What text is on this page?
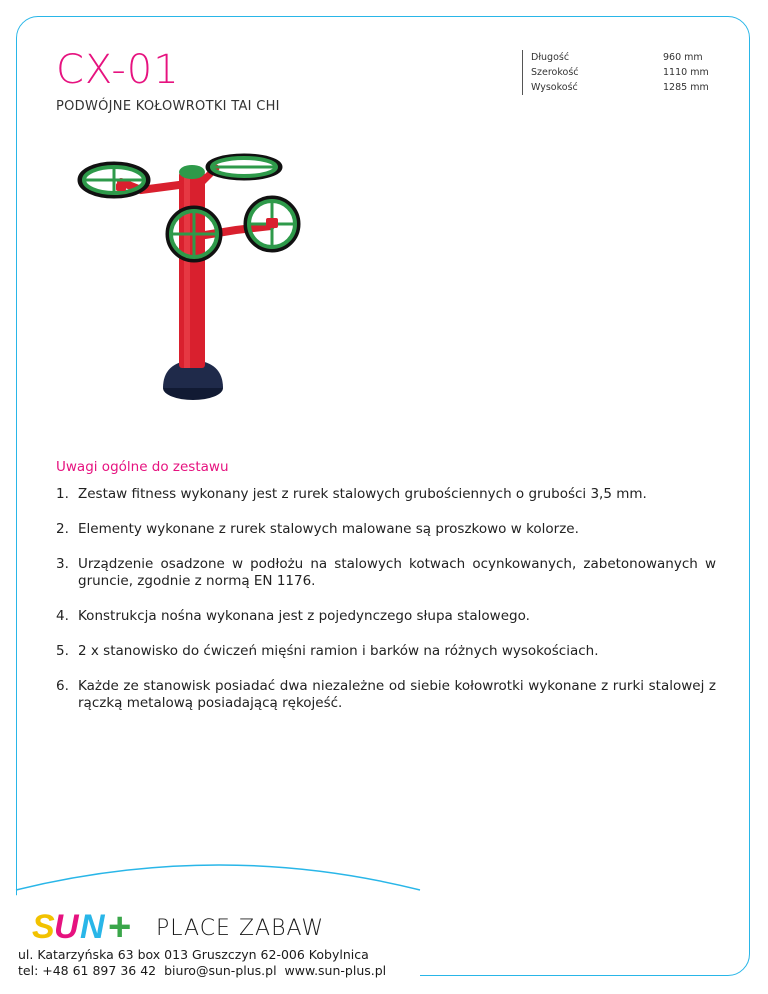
CX-01
PODWÓJNE KOŁOWROTKI TAI CHI
Długość	960 mm
Szerokość	1110 mm
Wysokość	1285 mm
Uwagi ogólne do zestawu
1. Zestaw fitness wykonany jest z rurek stalowych grubościennych o grubości 3,5 mm.
2. Elementy wykonane z rurek stalowych malowane są proszkowo w kolorze.
3. Urządzenie osadzone w podłożu na stalowych kotwach ocynkowanych, zabetonowanych w gruncie, zgodnie z normą EN 1176.
4. Konstrukcja nośna wykonana jest z pojedynczego słupa stalowego.
5. 2 x stanowisko do ćwiczeń mięśni ramion i barków na różnych wysokościach.
6. Każde ze stanowisk posiadać dwa niezależne od siebie kołowrotki wykonane z rurki stalowej z rączką metalową posiadającą rękojeść.
S U N + PLACE ZABAW
ul. Katarzyńska 63 box 013 Gruszczyn 62-006 Kobylnica
tel: +48 61 897 36 42 biuro@sun-plus.pl www.sun-plus.pl
